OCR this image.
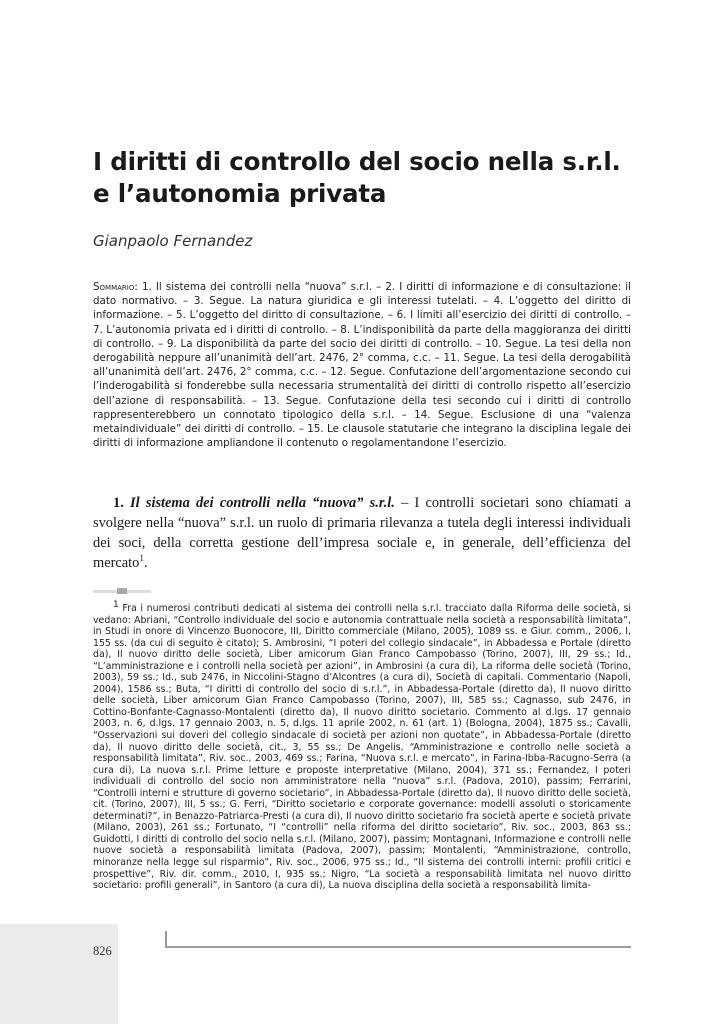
I diritti di controllo del socio nella s.r.l.
e l’autonomia privata
Gianpaolo Fernandez
Sommario: 1. Il sistema dei controlli nella “nuova” s.r.l. – 2. I diritti di informazione e di consultazione: il dato normativo. – 3. Segue. La natura giuridica e gli interessi tutelati. – 4. L’oggetto del diritto di informazione. – 5. L’oggetto del diritto di consultazione. – 6. I limiti all’esercizio dei diritti di controllo. – 7. L’autonomia privata ed i diritti di controllo. – 8. L’indisponibilità da parte della maggioranza dei diritti di controllo. – 9. La disponibilità da parte del socio dei diritti di controllo. – 10. Segue. La tesi della non derogabilità neppure all’unanimità dell’art. 2476, 2° comma, c.c. – 11. Segue. La tesi della derogabilità all’unanimità dell’art. 2476, 2° comma, c.c. – 12. Segue. Confutazione dell’argomentazione secondo cui l’inderogabilità si fonderebbe sulla necessaria strumentalità dei diritti di controllo rispetto all’esercizio dell’azione di responsabilità. – 13. Segue. Confutazione della tesi secondo cui i diritti di controllo rappresenterebbero un connotato tipologico della s.r.l. – 14. Segue. Esclusione di una “valenza metaindividuale” dei diritti di controllo. – 15. Le clausole statutarie che integrano la disciplina legale dei diritti di informazione ampliandone il contenuto o regolamentandone l’esercizio.
1. Il sistema dei controlli nella “nuova” s.r.l. – I controlli societari sono chiamati a svolgere nella “nuova” s.r.l. un ruolo di primaria rilevanza a tutela degli interessi individuali dei soci, della corretta gestione dell’impresa sociale e, in generale, dell’efficienza del mercato$^1$.
$^1$ Fra i numerosi contributi dedicati al sistema dei controlli nella s.r.l. tracciato dalla Riforma delle società, si vedano: Abriani, “Controllo individuale del socio e autonomia contrattuale nella società a responsabilità limitata”, in Studi in onore di Vincenzo Buonocore, III, Diritto commerciale (Milano, 2005), 1089 ss. e Giur. comm., 2006, I, 155 ss. (da cui di seguito è citato); S. Ambrosini, “I poteri del collegio sindacale”, in Abbadessa e Portale (diretto da), Il nuovo diritto delle società, Liber amicorum Gian Franco Campobasso (Torino, 2007), III, 29 ss.; Id., “L’amministrazione e i controlli nella società per azioni”, in Ambrosini (a cura di), La riforma delle società (Torino, 2003), 59 ss.; Id., sub 2476, in Niccolini-Stagno d’Alcontres (a cura di), Società di capitali. Commentario (Napoli, 2004), 1586 ss.; Buta, “I diritti di controllo del socio di s.r.l.”, in Abbadessa-Portale (diretto da), Il nuovo diritto delle società, Liber amicorum Gian Franco Campobasso (Torino, 2007), III, 585 ss.; Cagnasso, sub 2476, in Cottino-Bonfante-Cagnasso-Montalenti (diretto da), Il nuovo diritto societario. Commento al d.lgs. 17 gennaio 2003, n. 6, d.lgs. 17 gennaio 2003, n. 5, d.lgs. 11 aprile 2002, n. 61 (art. 1) (Bologna, 2004), 1875 ss.; Cavalli, “Osservazioni sui doveri del collegio sindacale di società per azioni non quotate”, in Abbadessa-Portale (diretto da), Il nuovo diritto delle società, cit., 3, 55 ss.; De Angelis, “Amministrazione e controllo nelle società a responsabilità limitata”, Riv. soc., 2003, 469 ss.; Farina, “Nuova s.r.l. e mercato”, in Farina-Ibba-Racugno-Serra (a cura di), La nuova s.r.l. Prime letture e proposte interpretative (Milano, 2004), 371 ss.; Fernandez, I poteri individuali di controllo del socio non amministratore nella “nuova” s.r.l. (Padova, 2010), passim; Ferrarini, “Controlli interni e strutture di governo societario”, in Abbadessa-Portale (diretto da), Il nuovo diritto delle società, cit. (Torino, 2007), III, 5 ss.; G. Ferri, “Diritto societario e corporate governance: modelli assoluti o storicamente determinati?”, in Benazzo-Patriarca-Presti (a cura di), Il nuovo diritto societario fra società aperte e società private (Milano, 2003), 261 ss.; Fortunato, “I “controlli” nella riforma del diritto societario”, Riv. soc., 2003, 863 ss.; Guidotti, I diritti di controllo del socio nella s.r.l. (Milano, 2007), passim; Montagnani, Informazione e controlli nelle nuove società a responsabilità limitata (Padova, 2007), passim; Montalenti, “Amministrazione, controllo, minoranze nella legge sul risparmio”, Riv. soc., 2006, 975 ss.; Id., “Il sistema dei controlli interni: profili critici e prospettive”, Riv. dir. comm., 2010, I, 935 ss.; Nigro, “La società a responsabilità limitata nel nuovo diritto societario: profili generali”, in Santoro (a cura di), La nuova disciplina della società a responsabilità limita-
826
